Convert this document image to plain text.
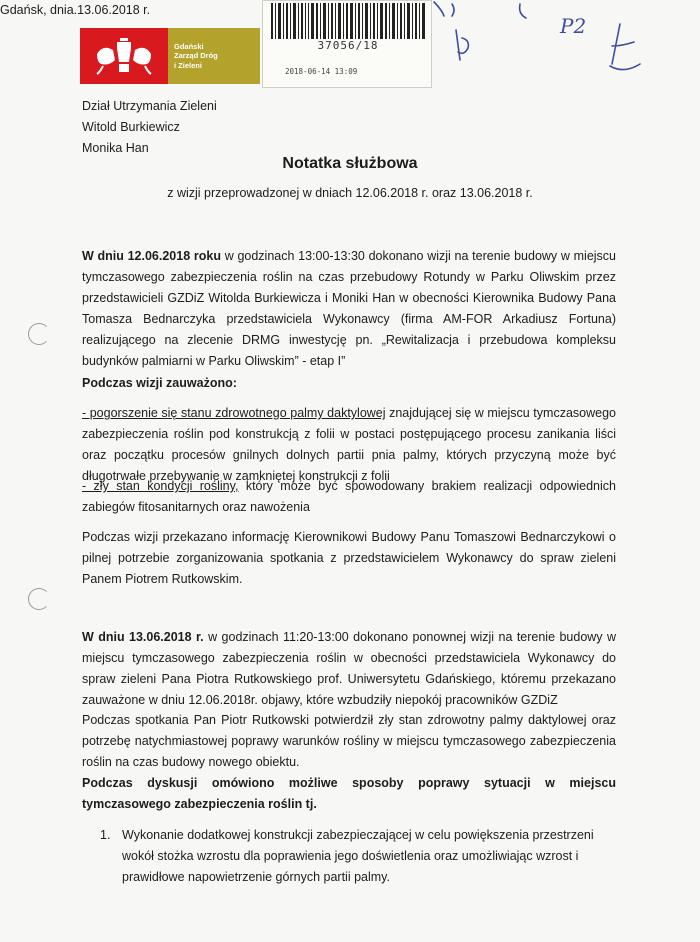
Gdański
Zarząd Dróg
i Zieleni
37056/18
2018-06-14 13:09
P2
Dział Utrzymania Zieleni
Witold Burkiewicz
Monika Han
Gdańsk, dnia.13.06.2018 r.
Notatka służbowa
z wizji przeprowadzonej w dniach 12.06.2018 r. oraz 13.06.2018 r.
W dniu 12.06.2018 roku w godzinach 13:00-13:30 dokonano wizji na terenie budowy w miejscu tymczasowego zabezpieczenia roślin na czas przebudowy Rotundy w Parku Oliwskim przez przedstawicieli GZDiZ Witolda Burkiewicza i Moniki Han w obecności Kierownika Budowy Pana Tomasza Bednarczyka przedstawiciela Wykonawcy (firma AM-FOR Arkadiusz Fortuna) realizującego na zlecenie DRMG inwestycję pn. „Rewitalizacja i przebudowa kompleksu budynków palmiarni w Parku Oliwskim” - etap I”
Podczas wizji zauważono:
- pogorszenie się stanu zdrowotnego palmy daktylowej znajdującej się w miejscu tymczasowego zabezpieczenia roślin pod konstrukcją z folii w postaci postępującego procesu zanikania liści oraz początku procesów gnilnych dolnych partii pnia palmy, których przyczyną może być długotrwałe przebywanie w zamkniętej konstrukcji z folii
- zły stan kondycji rośliny, który może być spowodowany brakiem realizacji odpowiednich zabiegów fitosanitarnych oraz nawożenia
Podczas wizji przekazano informację Kierownikowi Budowy Panu Tomaszowi Bednarczykowi o pilnej potrzebie zorganizowania spotkania z przedstawicielem Wykonawcy do spraw zieleni Panem Piotrem Rutkowskim.
W dniu 13.06.2018 r. w godzinach 11:20-13:00 dokonano ponownej wizji na terenie budowy w miejscu tymczasowego zabezpieczenia roślin w obecności przedstawiciela Wykonawcy do spraw zieleni Pana Piotra Rutkowskiego prof. Uniwersytetu Gdańskiego, któremu przekazano zauważone w dniu 12.06.2018r. objawy, które wzbudziły niepokój pracowników GZDiZ
Podczas spotkania Pan Piotr Rutkowski potwierdził zły stan zdrowotny palmy daktylowej oraz potrzebę natychmiastowej poprawy warunków rośliny w miejscu tymczasowego zabezpieczenia roślin na czas budowy nowego obiektu.
Podczas dyskusji omówiono możliwe sposoby poprawy sytuacji w miejscu tymczasowego zabezpieczenia roślin tj.
1. Wykonanie dodatkowej konstrukcji zabezpieczającej w celu powiększenia przestrzeni wokół stożka wzrostu dla poprawienia jego doświetlenia oraz umożliwiając wzrost i prawidłowe napowietrzenie górnych partii palmy.
